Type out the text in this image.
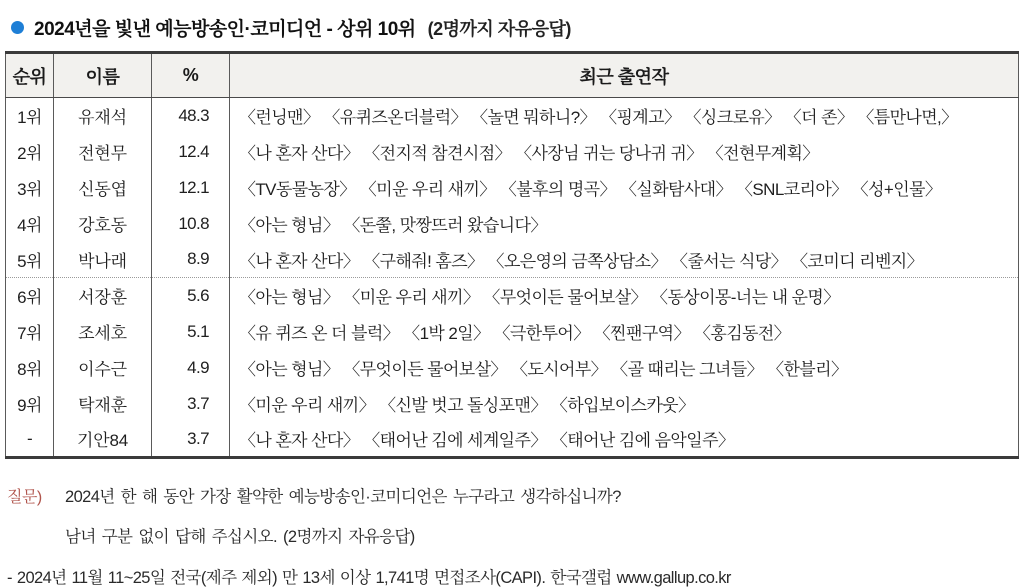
2024년을 빛낸 예능방송인·코미디언 - 상위 10위 (2명까지 자유응답)
순위	이름	%	최근 출연작
1위	유재석	48.3	〈런닝맨〉 〈유퀴즈온더블럭〉 〈놀면 뭐하니?〉 〈핑계고〉 〈싱크로유〉 〈더 존〉 〈틈만나면,〉
2위	전현무	12.4	〈나 혼자 산다〉 〈전지적 참견시점〉 〈사장님 귀는 당나귀 귀〉 〈전현무계획〉
3위	신동엽	12.1	〈TV동물농장〉 〈미운 우리 새끼〉 〈불후의 명곡〉 〈실화탐사대〉 〈SNL코리아〉 〈성+인물〉
4위	강호동	10.8	〈아는 형님〉 〈돈쭐, 맛짱뜨러 왔습니다〉
5위	박나래	8.9	〈나 혼자 산다〉 〈구해줘! 홈즈〉 〈오은영의 금쪽상담소〉 〈줄서는 식당〉 〈코미디 리벤지〉
6위	서장훈	5.6	〈아는 형님〉 〈미운 우리 새끼〉 〈무엇이든 물어보살〉 〈동상이몽-너는 내 운명〉
7위	조세호	5.1	〈유 퀴즈 온 더 블럭〉 〈1박 2일〉 〈극한투어〉 〈찐팬구역〉 〈홍김동전〉
8위	이수근	4.9	〈아는 형님〉 〈무엇이든 물어보살〉 〈도시어부〉 〈골 때리는 그녀들〉 〈한블리〉
9위	탁재훈	3.7	〈미운 우리 새끼〉 〈신발 벗고 돌싱포맨〉 〈하입보이스카웃〉
-	기안84	3.7	〈나 혼자 산다〉 〈태어난 김에 세계일주〉 〈태어난 김에 음악일주〉
질문)	2024년 한 해 동안 가장 활약한 예능방송인·코미디언은 누구라고 생각하십니까?
남녀 구분 없이 답해 주십시오. (2명까지 자유응답)
- 2024년 11월 11~25일 전국(제주 제외) 만 13세 이상 1,741명 면접조사(CAPI). 한국갤럽 www.gallup.co.kr
